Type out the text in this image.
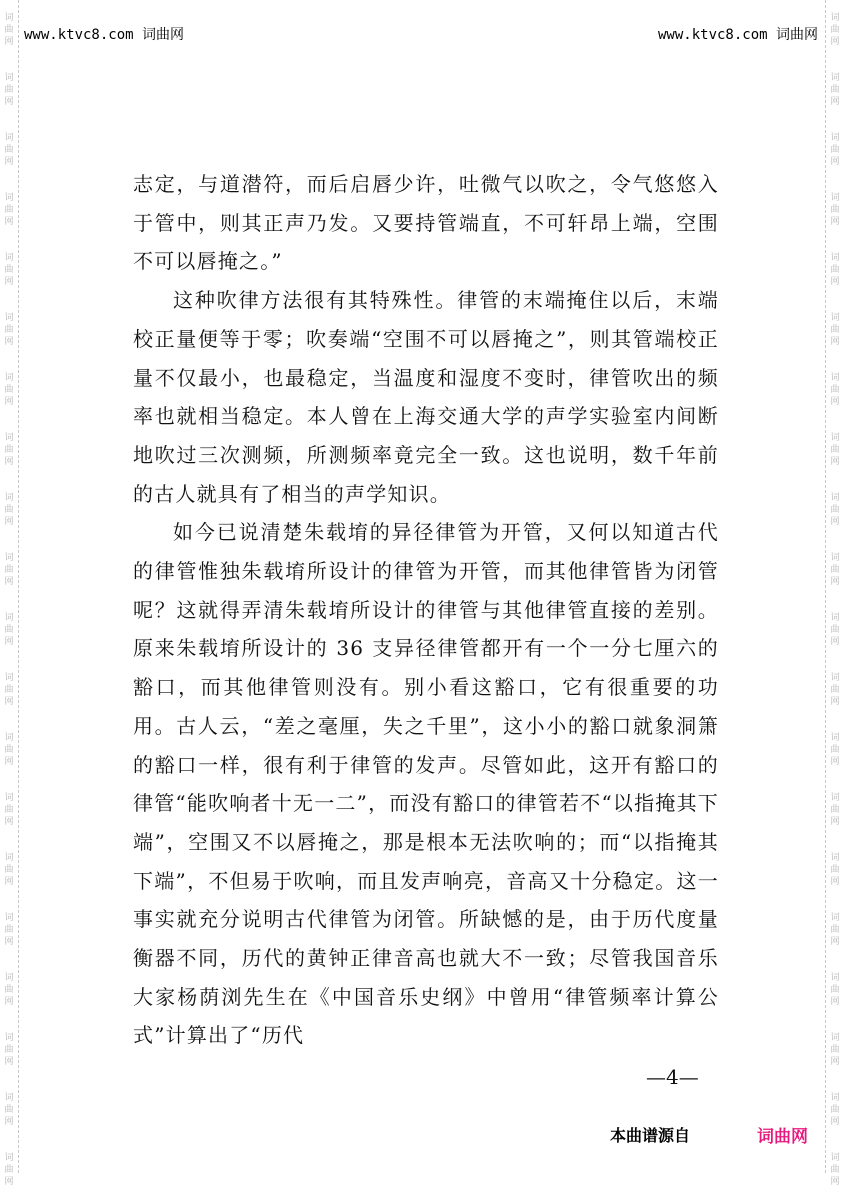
词
曲
网
词
曲
网
词
曲
网
词
曲
网
词
曲
网
词
曲
网
词
曲
网
词
曲
网
词
曲
网
词
曲
网
词
曲
网
词
曲
网
词
曲
网
词
曲
网
词
曲
网
词
曲
网
词
曲
网
词
曲
网
词
曲
网
词
曲
网
词
曲
网
词
曲
网
词
曲
网
词
曲
网
词
曲
网
词
曲
网
词
曲
网
词
曲
网
词
曲
网
词
曲
网
词
曲
网
词
曲
网
词
曲
网
词
曲
网
词
曲
网
词
曲
网
词
曲
网
词
曲
网
词
曲
网
词
曲
网
www.ktvc8.com 词曲网	www.ktvc8.com 词曲网

志定，与道潜符，而后启唇少许，吐微气以吹之，令气悠悠入于管中，则其正声乃发。又要持管端直，不可轩昂上端，空围不可以唇掩之。”

这种吹律方法很有其特殊性。律管的末端掩住以后，末端校正量便等于零；吹奏端“空围不可以唇掩之”，则其管端校正量不仅最小，也最稳定，当温度和湿度不变时，律管吹出的频率也就相当稳定。本人曾在上海交通大学的声学实验室内间断地吹过三次测频，所测频率竟完全一致。这也说明，数千年前的古人就具有了相当的声学知识。

如今已说清楚朱载堉的异径律管为开管，又何以知道古代的律管惟独朱载堉所设计的律管为开管，而其他律管皆为闭管呢？这就得弄清朱载堉所设计的律管与其他律管直接的差别。原来朱载堉所设计的 36 支异径律管都开有一个一分七厘六的豁口，而其他律管则没有。别小看这豁口，它有很重要的功用。古人云，“差之毫厘，失之千里”，这小小的豁口就象洞箫的豁口一样，很有利于律管的发声。尽管如此，这开有豁口的律管“能吹响者十无一二”，而没有豁口的律管若不“以指掩其下端”，空围又不以唇掩之，那是根本无法吹响的；而“以指掩其下端”，不但易于吹响，而且发声响亮，音高又十分稳定。这一事实就充分说明古代律管为闭管。所缺憾的是，由于历代度量衡器不同，历代的黄钟正律音高也就大不一致；尽管我国音乐大家杨荫浏先生在《中国音乐史纲》中曾用“律管频率计算公式”计算出了“历代

—4—
本曲谱源自	词曲网
